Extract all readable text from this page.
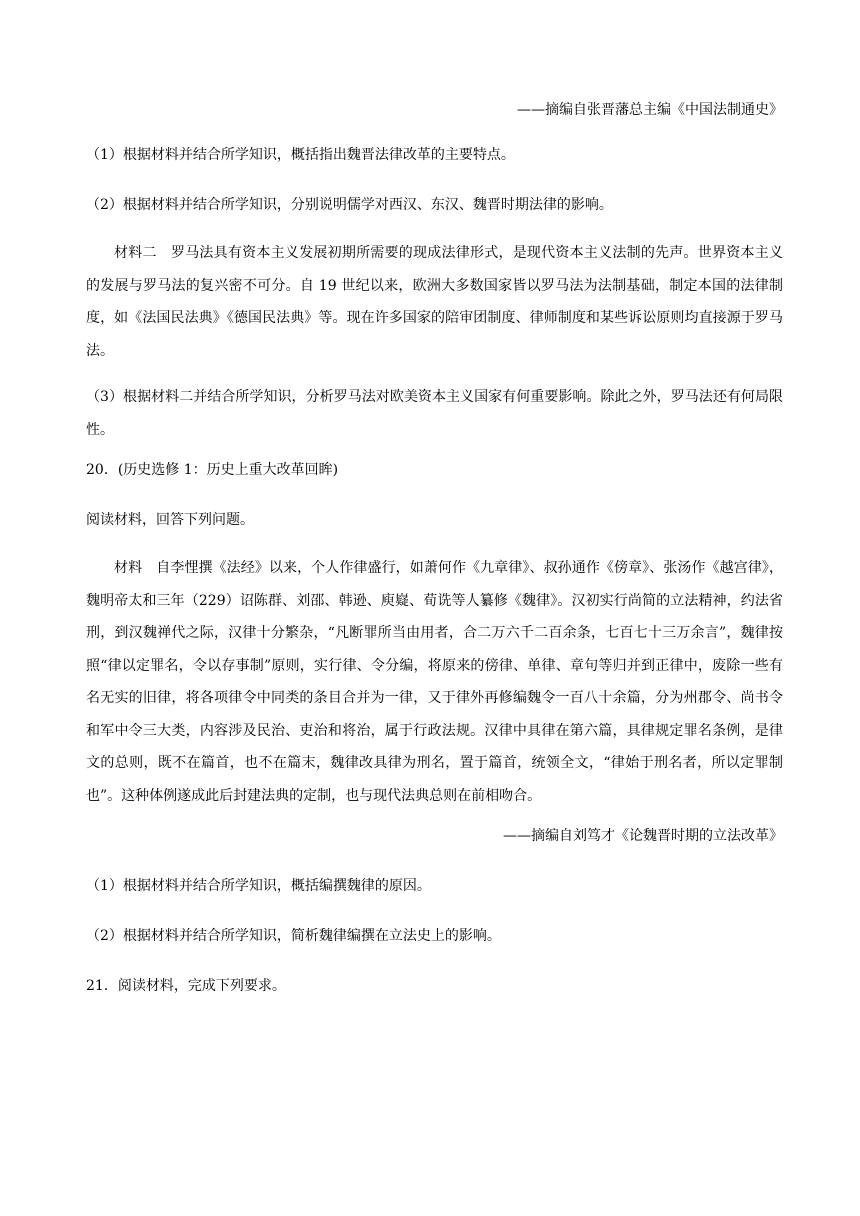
——摘编自张晋藩总主编《中国法制通史》
（1）根据材料并结合所学知识，概括指出魏晋法律改革的主要特点。
（2）根据材料并结合所学知识，分别说明儒学对西汉、东汉、魏晋时期法律的影响。

材料二　罗马法具有资本主义发展初期所需要的现成法律形式，是现代资本主义法制的先声。世界资本主义的发展与罗马法的复兴密不可分。自 19 世纪以来，欧洲大多数国家皆以罗马法为法制基础，制定本国的法律制度，如《法国民法典》《德国民法典》等。现在许多国家的陪审团制度、律师制度和某些诉讼原则均直接源于罗马法。

（3）根据材料二并结合所学知识，分析罗马法对欧美资本主义国家有何重要影响。除此之外，罗马法还有何局限性。

20．(历史选修 1：历史上重大改革回眸)
阅读材料，回答下列问题。

材料　自李悝撰《法经》以来，个人作律盛行，如萧何作《九章律》、叔孙通作《傍章》、张汤作《越宫律》，魏明帝太和三年（229）诏陈群、刘邵、韩逊、庾嶷、荀诜等人纂修《魏律》。汉初实行尚简的立法精神，约法省刑，到汉魏禅代之际，汉律十分繁杂，“凡断罪所当由用者，合二万六千二百余条，七百七十三万余言”，魏律按照“律以定罪名，令以存事制”原则，实行律、令分编，将原来的傍律、单律、章句等归并到正律中，废除一些有名无实的旧律，将各项律令中同类的条目合并为一律，又于律外再修编魏令一百八十余篇，分为州郡令、尚书令和军中令三大类，内容涉及民治、吏治和将治，属于行政法规。汉律中具律在第六篇，具律规定罪名条例，是律文的总则，既不在篇首，也不在篇末，魏律改具律为刑名，置于篇首，统领全文，“律始于刑名者，所以定罪制也”。这种体例遂成此后封建法典的定制，也与现代法典总则在前相吻合。

——摘编自刘笃才《论魏晋时期的立法改革》
（1）根据材料并结合所学知识，概括编撰魏律的原因。
（2）根据材料并结合所学知识，简析魏律编撰在立法史上的影响。
21．阅读材料，完成下列要求。
